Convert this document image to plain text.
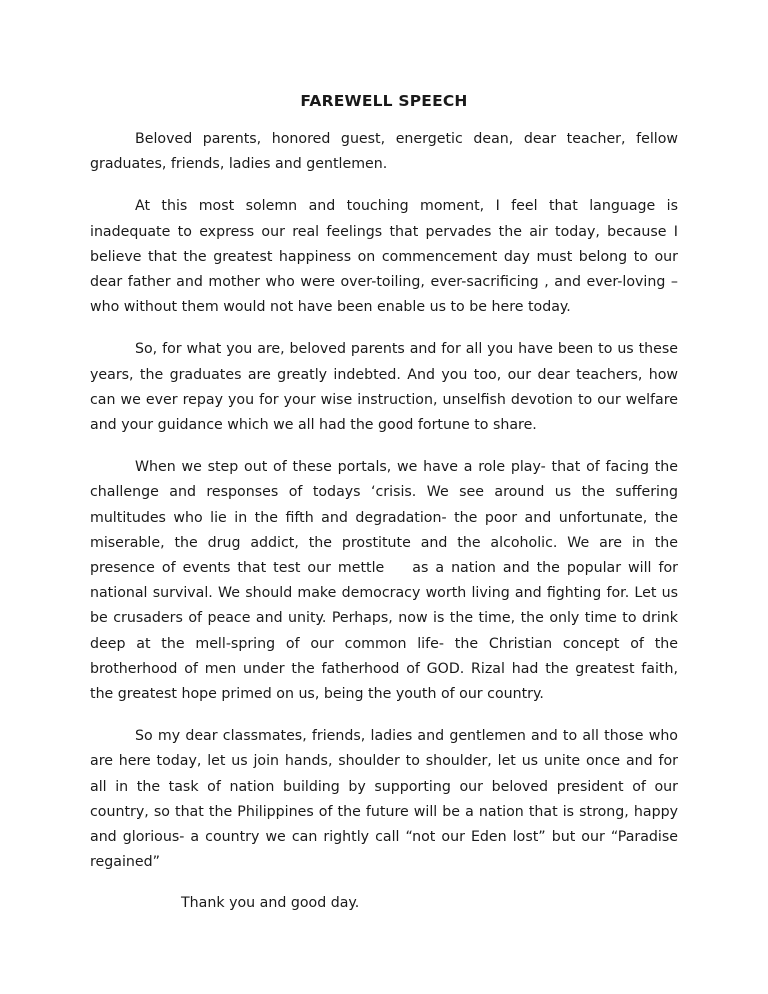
FAREWELL SPEECH

Beloved parents, honored guest, energetic dean, dear teacher, fellow graduates, friends, ladies and gentlemen.

At this most solemn and touching moment, I feel that language is inadequate to express our real feelings that pervades the air today, because I believe that the greatest happiness on commencement day must belong to our dear father and mother who were over-toiling, ever-sacrificing , and ever-loving – who without them would not have been enable us to be here today.

So, for what you are, beloved parents and for all you have been to us these years, the graduates are greatly indebted. And you too, our dear teachers, how can we ever repay you for your wise instruction, unselfish devotion to our welfare and your guidance which we all had the good fortune to share.

When we step out of these portals, we have a role play- that of facing the challenge and responses of todays ‘crisis. We see around us the suffering multitudes who lie in the fifth and degradation- the poor and unfortunate, the miserable, the drug addict, the prostitute and the alcoholic. We are in the presence of events that test our mettle    as a nation and the popular will for national survival. We should make democracy worth living and fighting for. Let us be crusaders of peace and unity. Perhaps, now is the time, the only time to drink deep at the mell-spring of our common life- the Christian concept of the brotherhood of men under the fatherhood of GOD. Rizal had the greatest faith, the greatest hope primed on us, being the youth of our country.

So my dear classmates, friends, ladies and gentlemen and to all those who are here today, let us join hands, shoulder to shoulder, let us unite once and for all in the task of nation building by supporting our beloved president of our country, so that the Philippines of the future will be a nation that is strong, happy and glorious- a country we can rightly call “not our Eden lost” but our “Paradise regained”

Thank you and good day.
